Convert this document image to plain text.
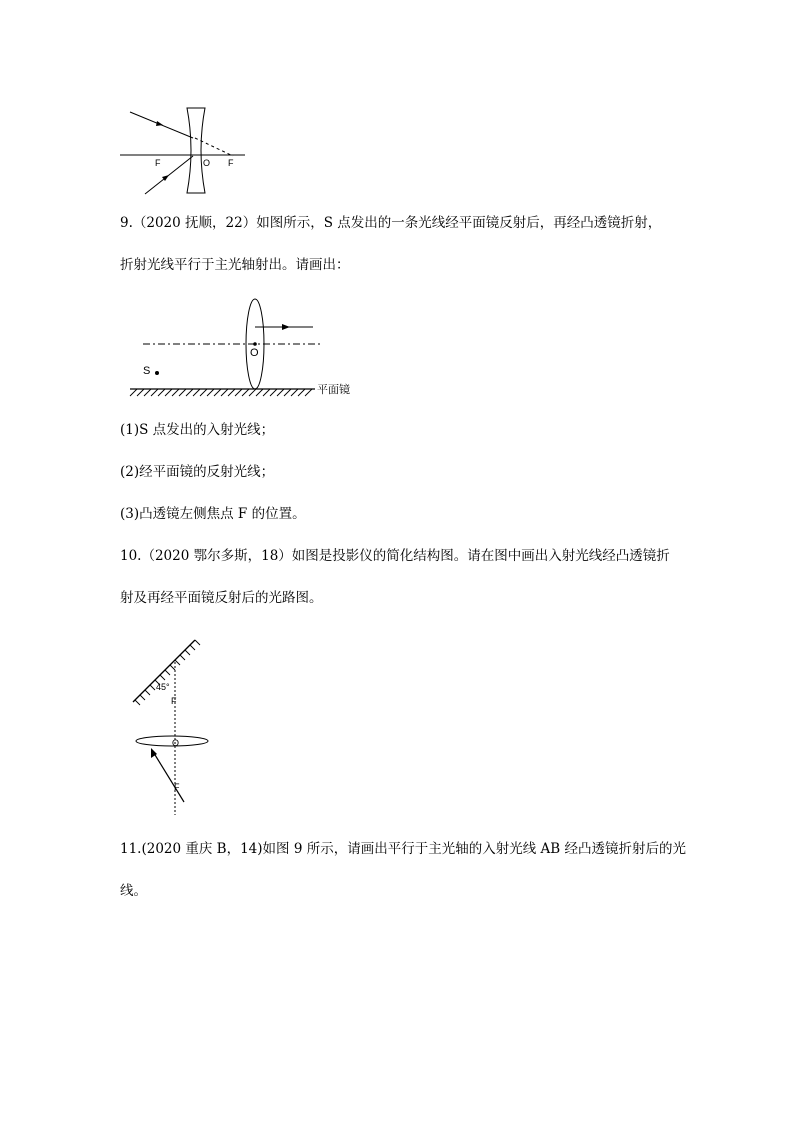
F	O F
9.（2020 抚顺，22）如图所示，S 点发出的一条光线经平面镜反射后，再经凸透镜折射，
折射光线平行于主光轴射出。请画出：
S
O
平面镜
(1)S 点发出的入射光线；
(2)经平面镜的反射光线；
(3)凸透镜左侧焦点 F 的位置。
10.（2020 鄂尔多斯，18）如图是投影仪的简化结构图。请在图中画出入射光线经凸透镜折
射及再经平面镜反射后的光路图。
45°
F
O
F
11.(2020 重庆 B，14)如图 9 所示，请画出平行于主光轴的入射光线 AB 经凸透镜折射后的光
线。
